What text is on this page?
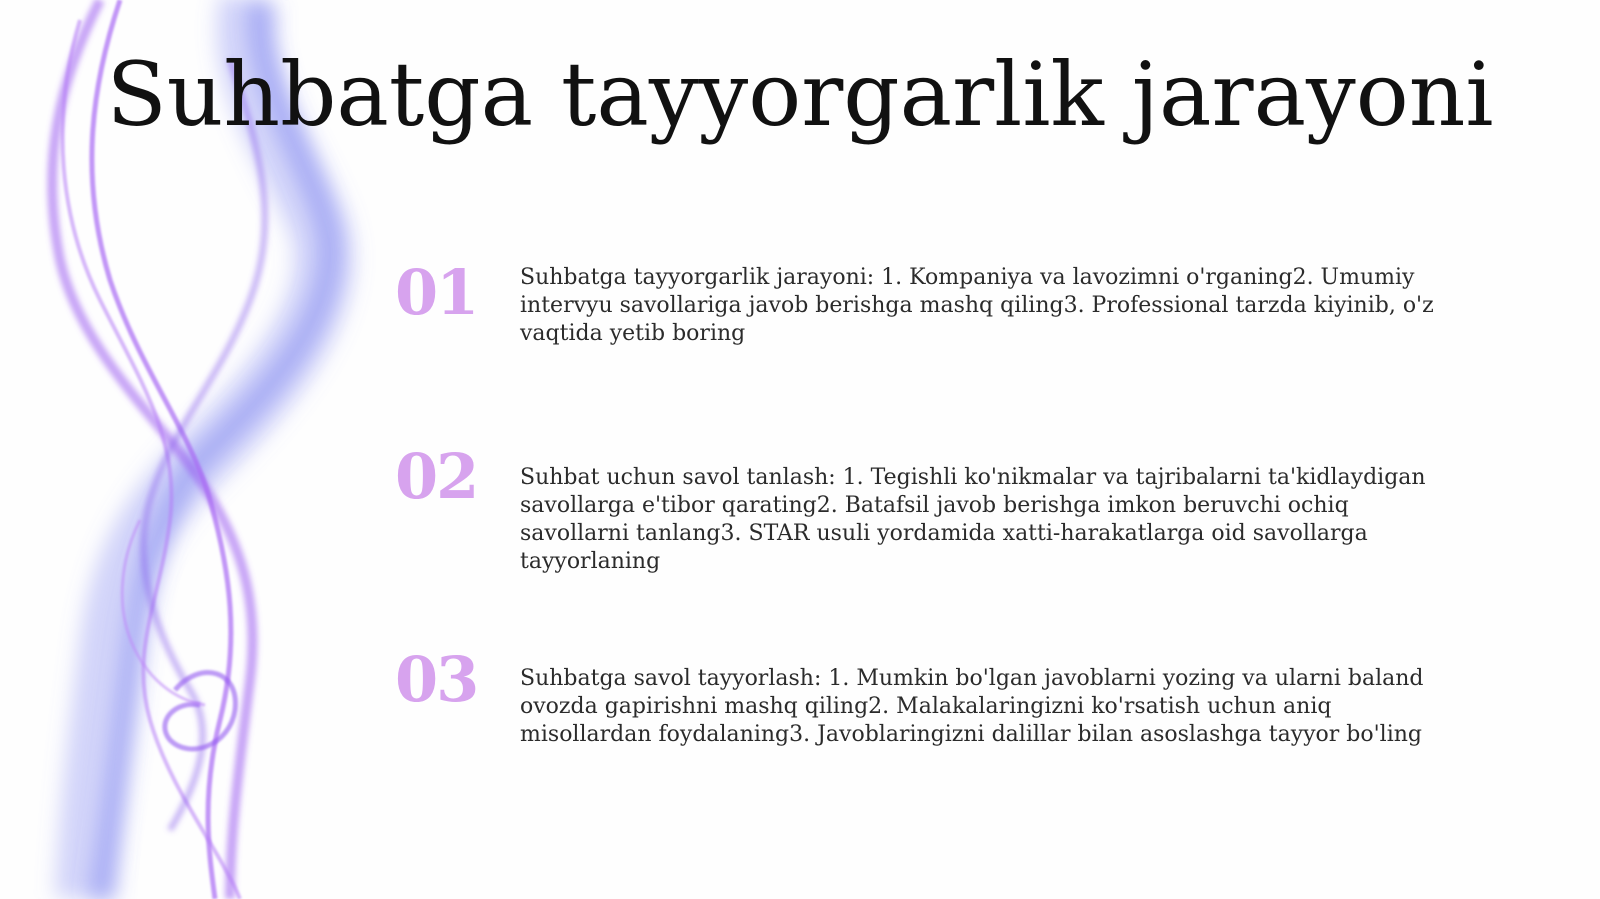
Suhbatga tayyorgarlik jarayoni
01 Suhbatga tayyorgarlik jarayoni: 1. Kompaniya va lavozimni o'rganing2. Umumiy intervyu savollariga javob berishga mashq qiling3. Professional tarzda kiyinib, o'z vaqtida yetib boring
02 Suhbat uchun savol tanlash: 1. Tegishli ko'nikmalar va tajribalarni ta'kidlaydigan savollarga e'tibor qarating2. Batafsil javob berishga imkon beruvchi ochiq savollarni tanlang3. STAR usuli yordamida xatti-harakatlarga oid savollarga tayyorlaning
03 Suhbatga savol tayyorlash: 1. Mumkin bo'lgan javoblarni yozing va ularni baland ovozda gapirishni mashq qiling2. Malakalaringizni ko'rsatish uchun aniq misollardan foydalaning3. Javoblaringizni dalillar bilan asoslashga tayyor bo'ling
